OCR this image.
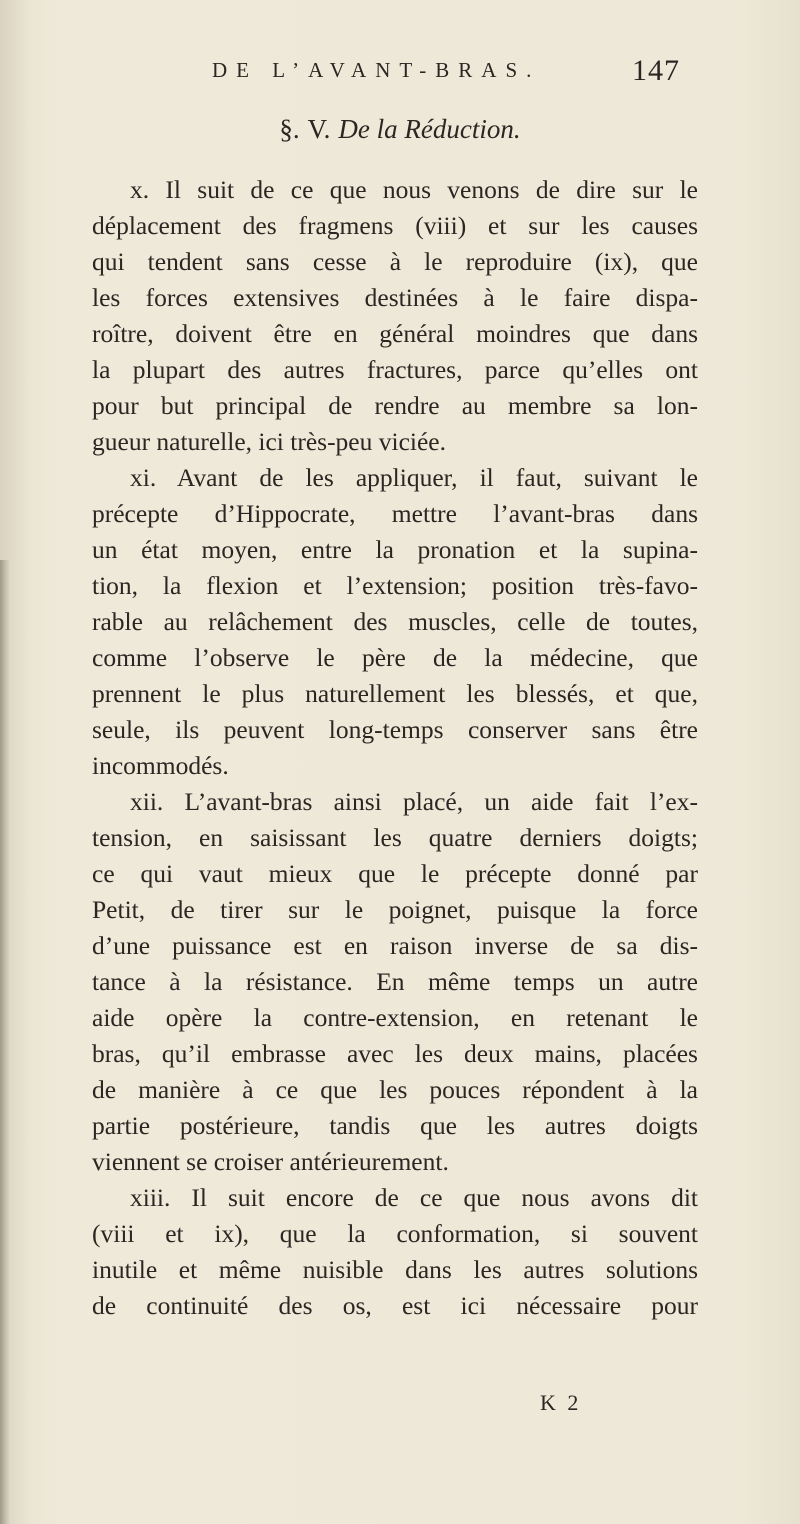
DE L’AVANT-BRAS.	147
§. V. De la Réduction.
x. Il suit de ce que nous venons de dire sur le
déplacement des fragmens (viii) et sur les causes
qui tendent sans cesse à le reproduire (ix), que
les forces extensives destinées à le faire dispa-
roître, doivent être en général moindres que dans
la plupart des autres fractures, parce qu’elles ont
pour but principal de rendre au membre sa lon-
gueur naturelle, ici très-peu viciée.
xi. Avant de les appliquer, il faut, suivant le
précepte d’Hippocrate, mettre l’avant-bras dans
un état moyen, entre la pronation et la supina-
tion, la flexion et l’extension; position très-favo-
rable au relâchement des muscles, celle de toutes,
comme l’observe le père de la médecine, que
prennent le plus naturellement les blessés, et que,
seule, ils peuvent long-temps conserver sans être
incommodés.
xii. L’avant-bras ainsi placé, un aide fait l’ex-
tension, en saisissant les quatre derniers doigts;
ce qui vaut mieux que le précepte donné par
Petit, de tirer sur le poignet, puisque la force
d’une puissance est en raison inverse de sa dis-
tance à la résistance. En même temps un autre
aide opère la contre-extension, en retenant le
bras, qu’il embrasse avec les deux mains, placées
de manière à ce que les pouces répondent à la
partie postérieure, tandis que les autres doigts
viennent se croiser antérieurement.
xiii. Il suit encore de ce que nous avons dit
(viii et ix), que la conformation, si souvent
inutile et même nuisible dans les autres solutions
de continuité des os, est ici nécessaire pour
K 2
